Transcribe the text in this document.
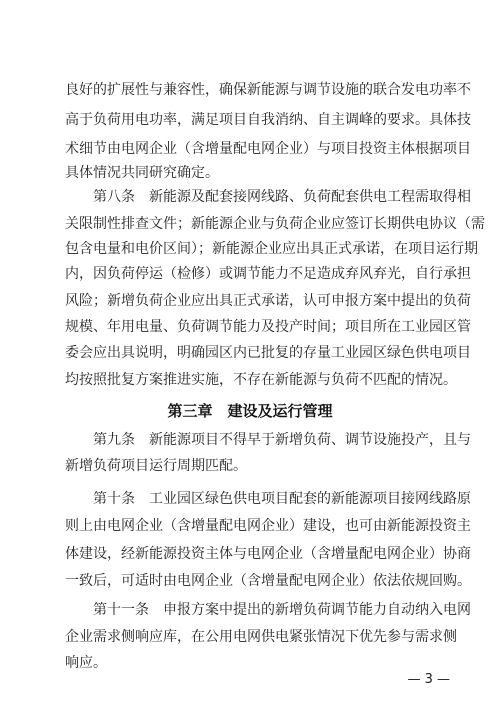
良好的扩展性与兼容性，确保新能源与调节设施的联合发电功率不
高于负荷用电功率，满足项目自我消纳、自主调峰的要求。具体技
术细节由电网企业（含增量配电网企业）与项目投资主体根据项目
具体情况共同研究确定。
　　第八条　新能源及配套接网线路、负荷配套供电工程需取得相
关限制性排查文件；新能源企业与负荷企业应签订长期供电协议（需
包含电量和电价区间）；新能源企业应出具正式承诺，在项目运行期
内，因负荷停运（检修）或调节能力不足造成弃风弃光，自行承担
风险；新增负荷企业应出具正式承诺，认可申报方案中提出的负荷
规模、年用电量、负荷调节能力及投产时间；项目所在工业园区管
委会应出具说明，明确园区内已批复的存量工业园区绿色供电项目
均按照批复方案推进实施，不存在新能源与负荷不匹配的情况。
第三章　建设及运行管理
　　第九条　新能源项目不得早于新增负荷、调节设施投产，且与
新增负荷项目运行周期匹配。
　　第十条　工业园区绿色供电项目配套的新能源项目接网线路原
则上由电网企业（含增量配电网企业）建设，也可由新能源投资主
体建设，经新能源投资主体与电网企业（含增量配电网企业）协商
一致后，可适时由电网企业（含增量配电网企业）依法依规回购。
　　第十一条　申报方案中提出的新增负荷调节能力自动纳入电网
企业需求侧响应库，在公用电网供电紧张情况下优先参与需求侧
响应。
— 3 —
